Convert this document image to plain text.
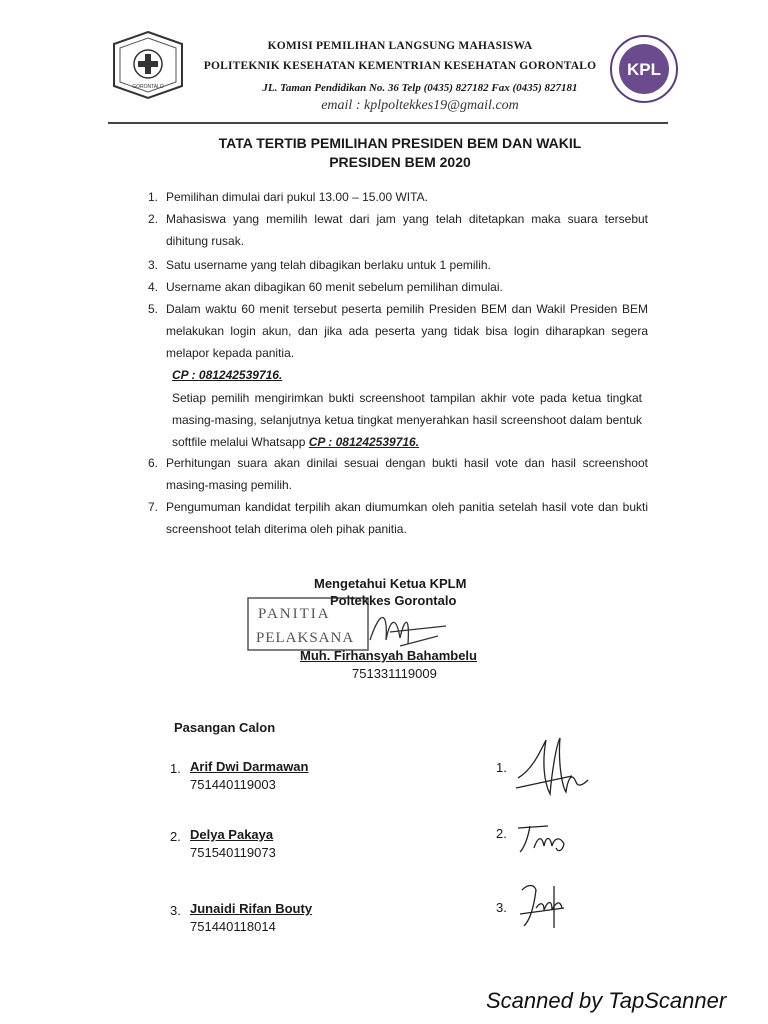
GORONTALO
KPL
KOMISI PEMILIHAN LANGSUNG MAHASISWA
POLITEKNIK KESEHATAN KEMENTRIAN KESEHATAN GORONTALO
JL. Taman Pendidikan No. 36 Telp (0435) 827182 Fax (0435) 827181
email : kplpoltekkes19@gmail.com
TATA TERTIB PEMILIHAN PRESIDEN BEM DAN WAKIL
PRESIDEN BEM 2020
1. Pemilihan dimulai dari pukul 13.00 – 15.00 WITA.
2. Mahasiswa yang memilih lewat dari jam yang telah ditetapkan maka suara tersebut dihitung rusak.
3. Satu username yang telah dibagikan berlaku untuk 1 pemilih.
4. Username akan dibagikan 60 menit sebelum pemilihan dimulai.
5. Dalam waktu 60 menit tersebut peserta pemilih Presiden BEM dan Wakil Presiden BEM melakukan login akun, dan jika ada peserta yang tidak bisa login diharapkan segera melapor kepada panitia.
CP : 081242539716.
Setiap pemilih mengirimkan bukti screenshoot tampilan akhir vote pada ketua tingkat masing-masing, selanjutnya ketua tingkat menyerahkan hasil screenshoot dalam bentuk softfile melalui Whatsapp CP : 081242539716.
6. Perhitungan suara akan dinilai sesuai dengan bukti hasil vote dan hasil screenshoot masing-masing pemilih.
7. Pengumuman kandidat terpilih akan diumumkan oleh panitia setelah hasil vote dan bukti screenshoot telah diterima oleh pihak panitia.
PANITIA
PELAKSANA
Mengetahui Ketua KPLM
Poltekkes Gorontalo
Muh. Firhansyah Bahambelu
751331119009
Pasangan Calon
1. Arif Dwi Darmawan
751440119003
1.
2. Delya Pakaya
751540119073
2.
3. Junaidi Rifan Bouty
751440118014
3.
Scanned by TapScanner
